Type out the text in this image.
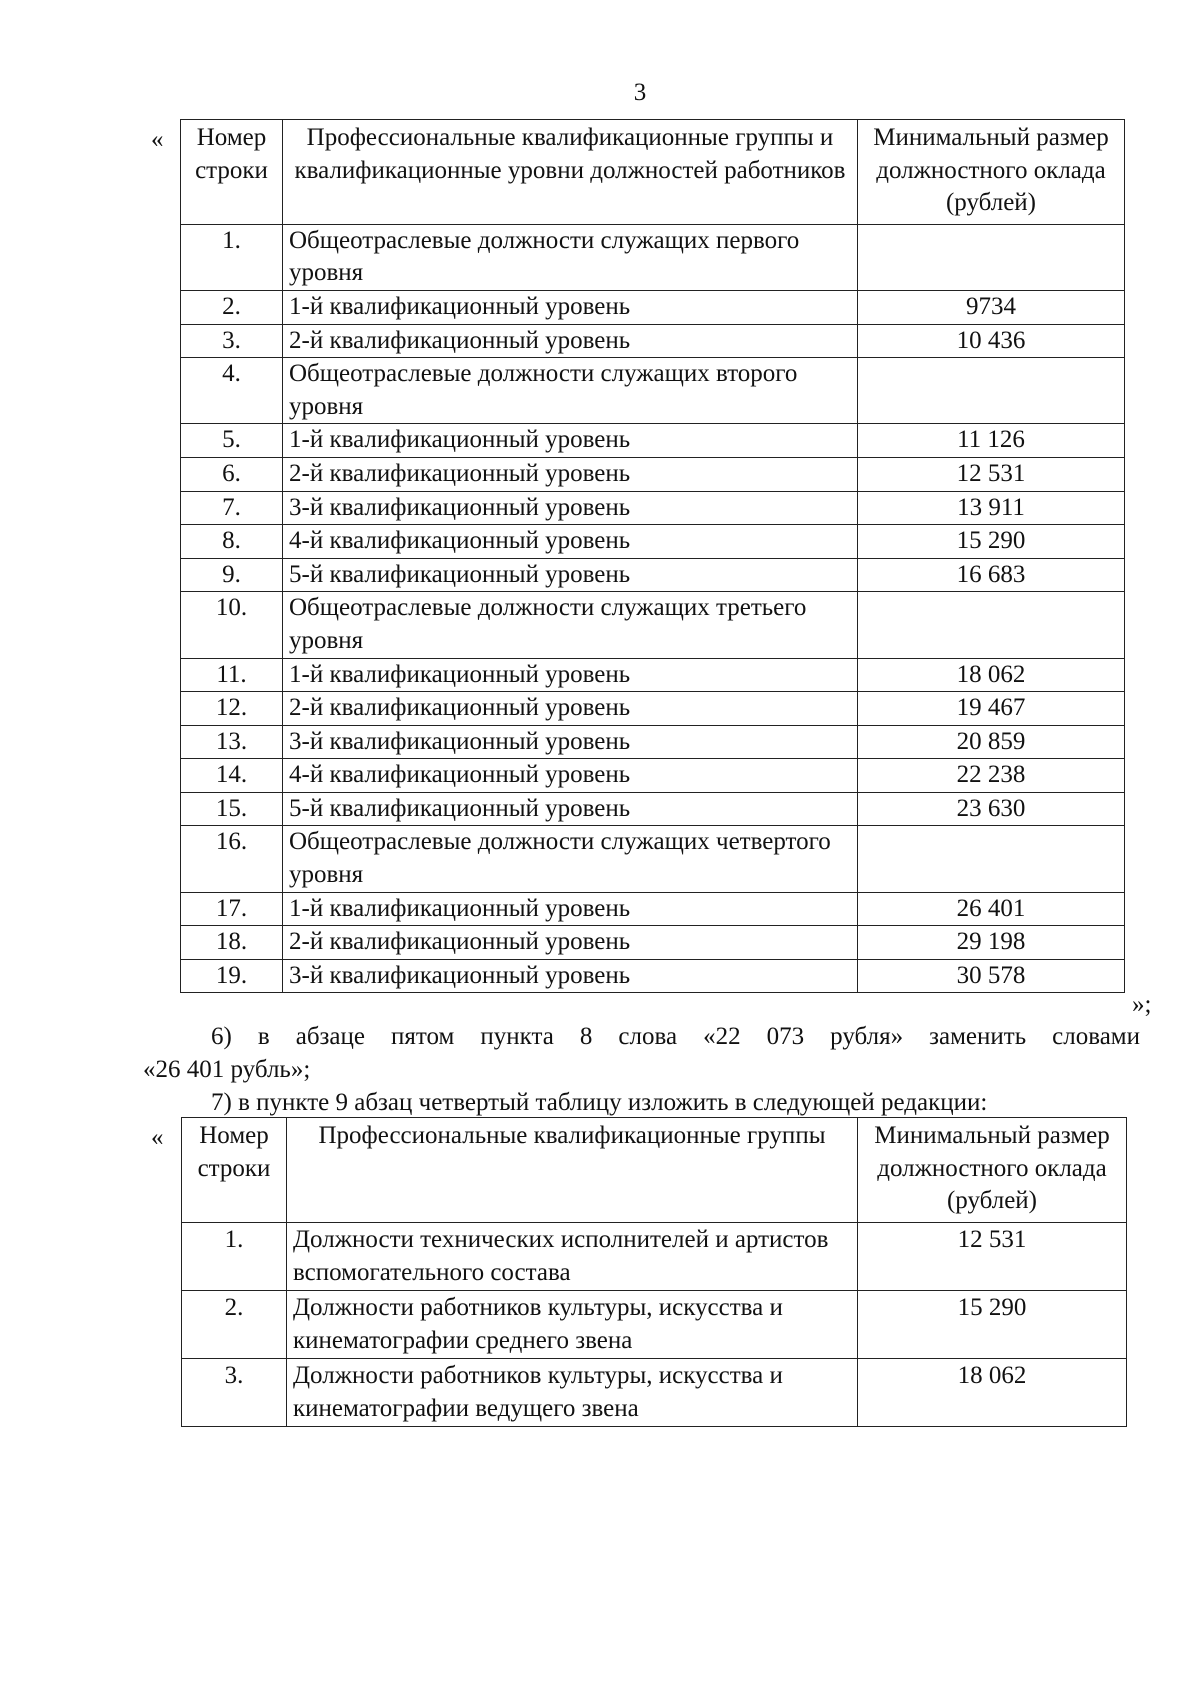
3
« Номер строки	Профессиональные квалификационные группы и квалификационные уровни должностей работников	Минимальный размер должностного оклада (рублей)
1.	Общеотраслевые должности служащих первого уровня	
2.	1-й квалификационный уровень	9734
3.	2-й квалификационный уровень	10 436
4.	Общеотраслевые должности служащих второго уровня	
5.	1-й квалификационный уровень	11 126
6.	2-й квалификационный уровень	12 531
7.	3-й квалификационный уровень	13 911
8.	4-й квалификационный уровень	15 290
9.	5-й квалификационный уровень	16 683
10.	Общеотраслевые должности служащих третьего уровня	
11.	1-й квалификационный уровень	18 062
12.	2-й квалификационный уровень	19 467
13.	3-й квалификационный уровень	20 859
14.	4-й квалификационный уровень	22 238
15.	5-й квалификационный уровень	23 630
16.	Общеотраслевые должности служащих четвертого уровня	
17.	1-й квалификационный уровень	26 401
18.	2-й квалификационный уровень	29 198
19.	3-й квалификационный уровень	30 578
»;
6) в абзаце пятом пункта 8 слова «22 073 рубля» заменить словами
«26 401 рубль»;
7) в пункте 9 абзац четвертый таблицу изложить в следующей редакции:
« Номер строки	Профессиональные квалификационные группы	Минимальный размер должностного оклада (рублей)
1.	Должности технических исполнителей и артистов вспомогательного состава	12 531
2.	Должности работников культуры, искусства и кинематографии среднего звена	15 290
3.	Должности работников культуры, искусства и кинематографии ведущего звена	18 062
